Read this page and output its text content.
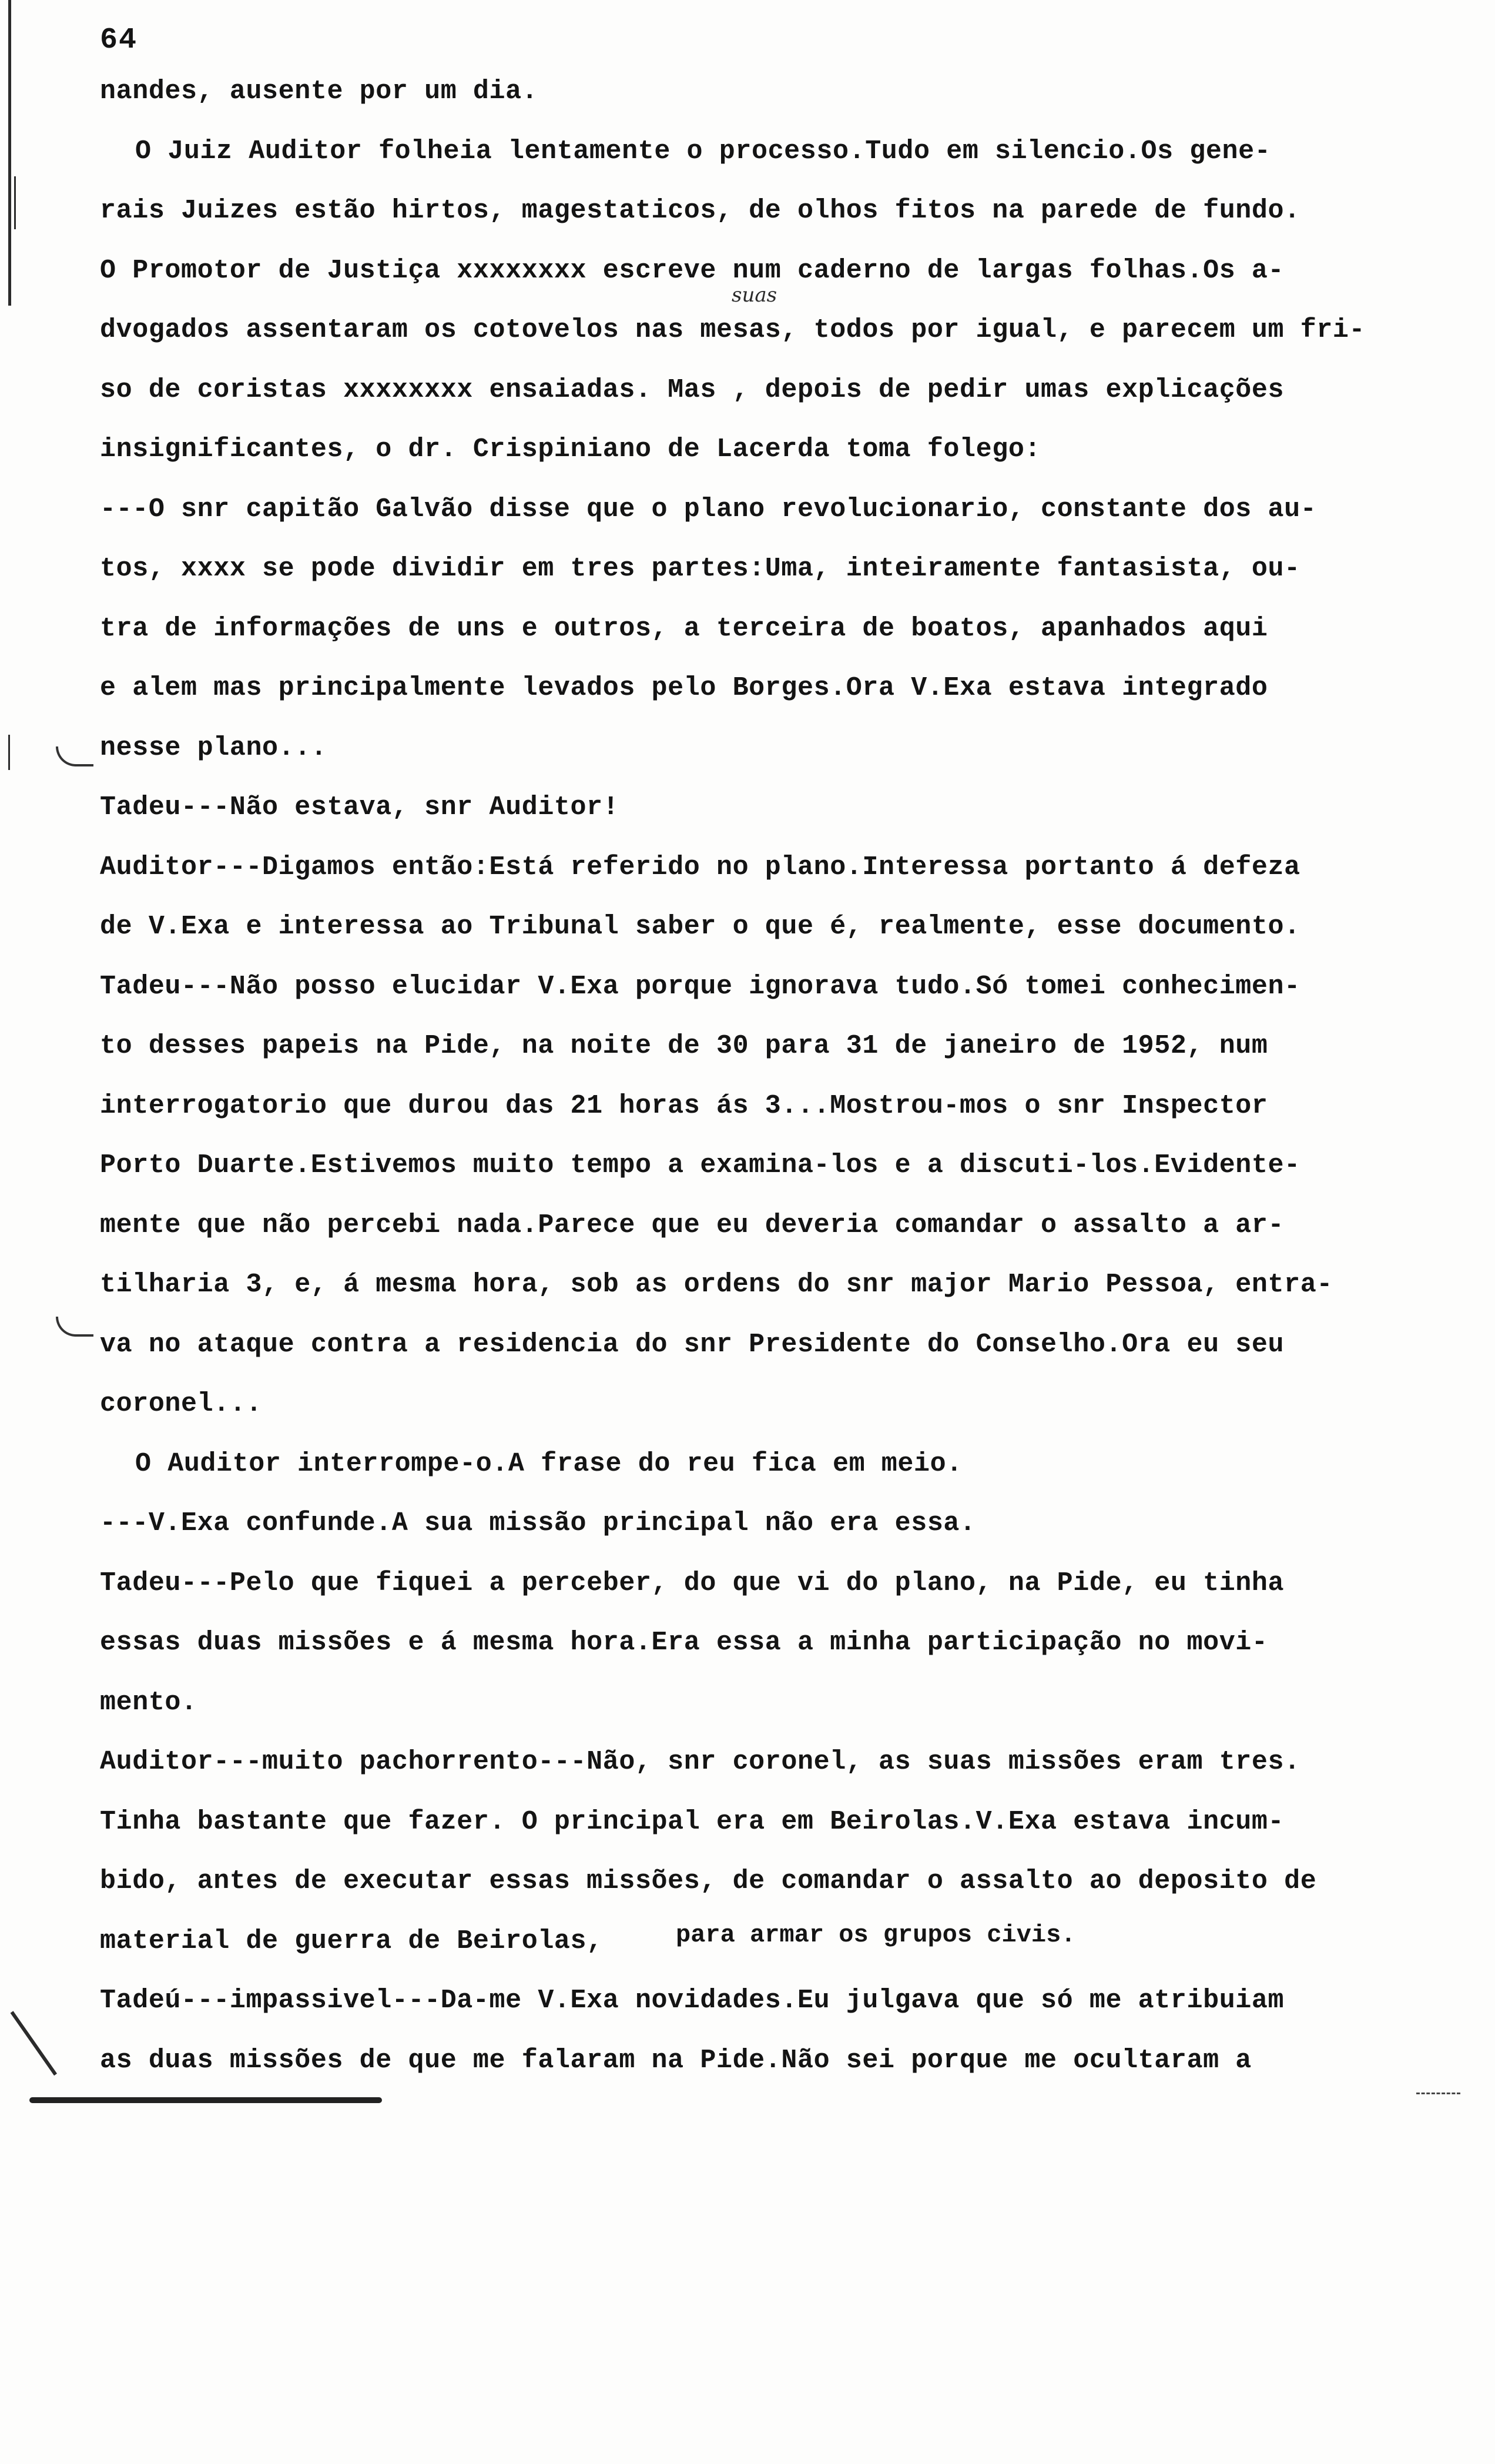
64
nandes, ausente por um dia.
O Juiz Auditor folheia lentamente o processo.Tudo em silencio.Os gene-
rais Juizes estão hirtos, magestaticos, de olhos fitos na parede de fundo.
O Promotor de Justiça xxxxxxxx escreve num caderno de largas folhas.Os a-
dvogados assentaram os cotovelos nas mesas, todos por igual, e parecem um fri-
so de coristas xxxxxxxx ensaiadas. Mas , depois de pedir umas explicações
insignificantes, o dr. Crispiniano de Lacerda toma folego:
---O snr capitão Galvão disse que o plano revolucionario, constante dos au-
tos, xxxx se pode dividir em tres partes:Uma, inteiramente fantasista, ou-
tra de informações de uns e outros, a terceira de boatos, apanhados aqui
e alem mas principalmente levados pelo Borges.Ora V.Exa estava integrado
nesse plano...
Tadeu---Não estava, snr Auditor!
Auditor---Digamos então:Está referido no plano.Interessa portanto á defeza
de V.Exa e interessa ao Tribunal saber o que é, realmente, esse documento.
Tadeu---Não posso elucidar V.Exa porque ignorava tudo.Só tomei conhecimen-
to desses papeis na Pide, na noite de 30 para 31 de janeiro de 1952, num
interrogatorio que durou das 21 horas ás 3...Mostrou-mos o snr Inspector
Porto Duarte.Estivemos muito tempo a examina-los e a discuti-los.Evidente-
mente que não percebi nada.Parece que eu deveria comandar o assalto a ar-
tilharia 3, e, á mesma hora, sob as ordens do snr major Mario Pessoa, entra-
va no ataque contra a residencia do snr Presidente do Conselho.Ora eu seu
coronel...
O Auditor interrompe-o.A frase do reu fica em meio.
---V.Exa confunde.A sua missão principal não era essa.
Tadeu---Pelo que fiquei a perceber, do que vi do plano, na Pide, eu tinha
essas duas missões e á mesma hora.Era essa a minha participação no movi-
mento.
Auditor---muito pachorrento---Não, snr coronel, as suas missões eram tres.
Tinha bastante que fazer. O principal era em Beirolas.V.Exa estava incum-
bido, antes de executar essas missões, de comandar o assalto ao deposito de
material de guerra de Beirolas,
Tadeú---impassivel---Da-me V.Exa novidades.Eu julgava que só me atribuiam
as duas missões de que me falaram na Pide.Não sei porque me ocultaram a
suas
para armar os grupos civis.
